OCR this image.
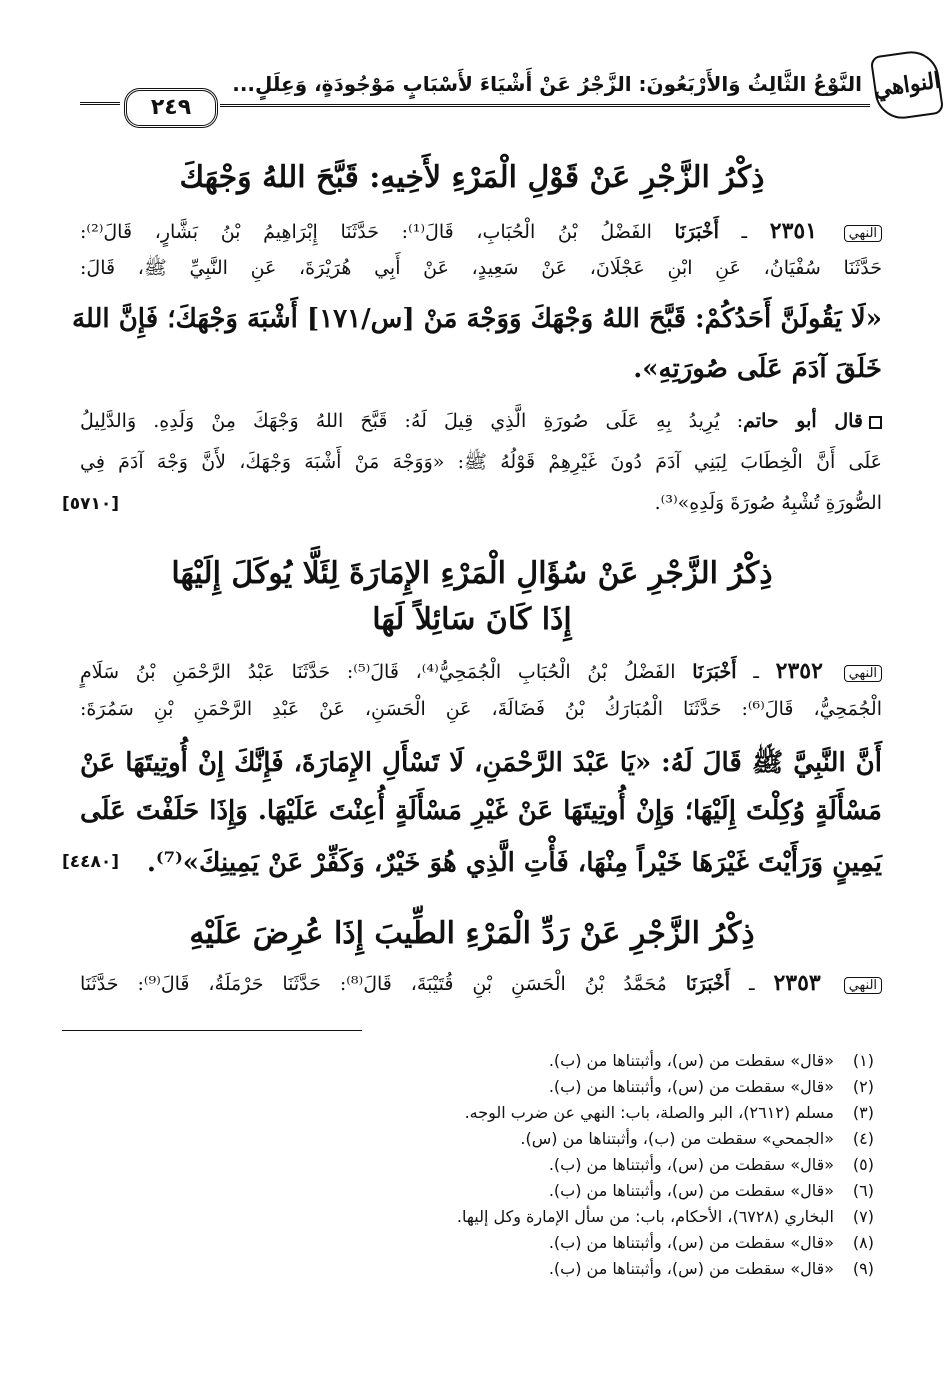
٢٤٩
النَّوْعُ الثَّالِثُ وَالأَرْبَعُونَ: الزَّجْرُ عَنْ أَشْيَاءَ لأَسْبَابٍ مَوْجُودَةٍ، وَعِلَلٍ... النواهي
ذِكْرُ الزَّجْرِ عَنْ قَوْلِ الْمَرْءِ لأَخِيهِ: قَبَّحَ اللهُ وَجْهَكَ
النهي ٢٣٥١ ـ أَخْبَرَنَا الفَضْلُ بْنُ الْحُبَابِ، قَالَ⁽¹⁾: حَدَّثَنَا إِبْرَاهِيمُ بْنُ بَشَّارٍ، قَالَ⁽²⁾:
حَدَّثَنَا سُفْيَانُ، عَنِ ابْنِ عَجْلَانَ، عَنْ سَعِيدٍ، عَنْ أَبِي هُرَيْرَةَ، عَنِ النَّبِيِّ ﷺ، قَالَ:
«لَا يَقُولَنَّ أَحَدُكُمْ: قَبَّحَ اللهُ وَجْهَكَ وَوَجْهَ مَنْ [س/١٧١] أَشْبَهَ وَجْهَكَ؛ فَإِنَّ اللهَ
خَلَقَ آدَمَ عَلَى صُورَتِهِ».
قال أبو حاتم: يُرِيدُ بِهِ عَلَى صُورَةِ الَّذِي قِيلَ لَهُ: قَبَّحَ اللهُ وَجْهَكَ مِنْ وَلَدِهِ. وَالدَّلِيلُ
عَلَى أَنَّ الْخِطَابَ لِبَنِي آدَمَ دُونَ غَيْرِهِمْ قَوْلُهُ ﷺ: «وَوَجْهَ مَنْ أَشْبَهَ وَجْهَكَ، لأَنَّ وَجْهَ آدَمَ فِي
الصُّورَةِ تُشْبِهُ صُورَةَ وَلَدِهِ»⁽³⁾.
[٥٧١٠]
ذِكْرُ الزَّجْرِ عَنْ سُؤَالِ الْمَرْءِ الإِمَارَةَ لِئَلَّا يُوكَلَ إِلَيْهَا
إِذَا كَانَ سَائِلاً لَهَا
النهي ٢٣٥٢ ـ أَخْبَرَنَا الفَضْلُ بْنُ الْحُبَابِ الْجُمَحِيُّ⁽⁴⁾، قَالَ⁽⁵⁾: حَدَّثَنَا عَبْدُ الرَّحْمَنِ بْنُ سَلَامٍ
الْجُمَحِيُّ، قَالَ⁽⁶⁾: حَدَّثَنَا الْمُبَارَكُ بْنُ فَضَالَةَ، عَنِ الْحَسَنِ، عَنْ عَبْدِ الرَّحْمَنِ بْنِ سَمُرَةَ:
أَنَّ النَّبِيَّ ﷺ قَالَ لَهُ: «يَا عَبْدَ الرَّحْمَنِ، لَا تَسْأَلِ الإِمَارَةَ، فَإِنَّكَ إِنْ أُوتِيتَهَا عَنْ
مَسْأَلَةٍ وُكِلْتَ إِلَيْهَا؛ وَإِنْ أُوتِيتَهَا عَنْ غَيْرِ مَسْأَلَةٍ أُعِنْتَ عَلَيْهَا. وَإِذَا حَلَفْتَ عَلَى
يَمِينٍ وَرَأَيْتَ غَيْرَهَا خَيْراً مِنْهَا، فَأْتِ الَّذِي هُوَ خَيْرٌ، وَكَفِّرْ عَنْ يَمِينِكَ»⁽⁷⁾.
[٤٤٨٠]
ذِكْرُ الزَّجْرِ عَنْ رَدِّ الْمَرْءِ الطِّيبَ إِذَا عُرِضَ عَلَيْهِ
النهي ٢٣٥٣ ـ أَخْبَرَنَا مُحَمَّدُ بْنُ الْحَسَنِ بْنِ قُتَيْبَةَ، قَالَ⁽⁸⁾: حَدَّثَنَا حَرْمَلَةُ، قَالَ⁽⁹⁾: حَدَّثَنَا
(١)«قال» سقطت من (س)، وأثبتناها من (ب).
(٢)«قال» سقطت من (س)، وأثبتناها من (ب).
(٣)مسلم (٢٦١٢)، البر والصلة، باب: النهي عن ضرب الوجه.
(٤)«الجمحي» سقطت من (ب)، وأثبتناها من (س).
(٥)«قال» سقطت من (س)، وأثبتناها من (ب).
(٦)«قال» سقطت من (س)، وأثبتناها من (ب).
(٧)البخاري (٦٧٢٨)، الأحكام، باب: من سأل الإمارة وكل إليها.
(٨)«قال» سقطت من (س)، وأثبتناها من (ب).
(٩)«قال» سقطت من (س)، وأثبتناها من (ب).
